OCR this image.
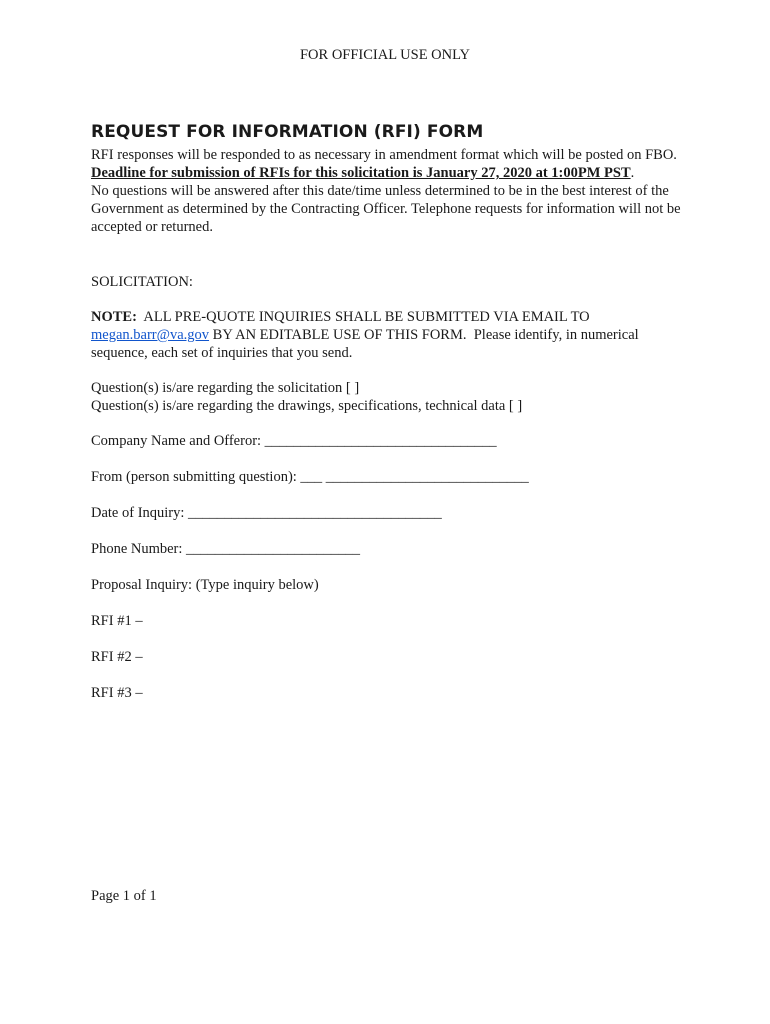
FOR OFFICIAL USE ONLY
REQUEST FOR INFORMATION (RFI) FORM

RFI responses will be responded to as necessary in amendment format which will be posted on FBO.

Deadline for submission of RFIs for this solicitation is January 27, 2020 at 1:00PM PST.

No questions will be answered after this date/time unless determined to be in the best interest of the Government as determined by the Contracting Officer. Telephone requests for information will not be accepted or returned.

SOLICITATION:

NOTE:  ALL PRE-QUOTE INQUIRIES SHALL BE SUBMITTED VIA EMAIL TO
megan.barr@va.gov BY AN EDITABLE USE OF THIS FORM.  Please identify, in numerical sequence, each set of inquiries that you send.

Question(s) is/are regarding the solicitation [ ]

Question(s) is/are regarding the drawings, specifications, technical data [ ]

Company Name and Offeror: ________________________________

From (person submitting question): ___ ____________________________

Date of Inquiry: ___________________________________

Phone Number: ________________________

Proposal Inquiry: (Type inquiry below)

RFI #1 –

RFI #2 –

RFI #3 –

Page 1 of 1
